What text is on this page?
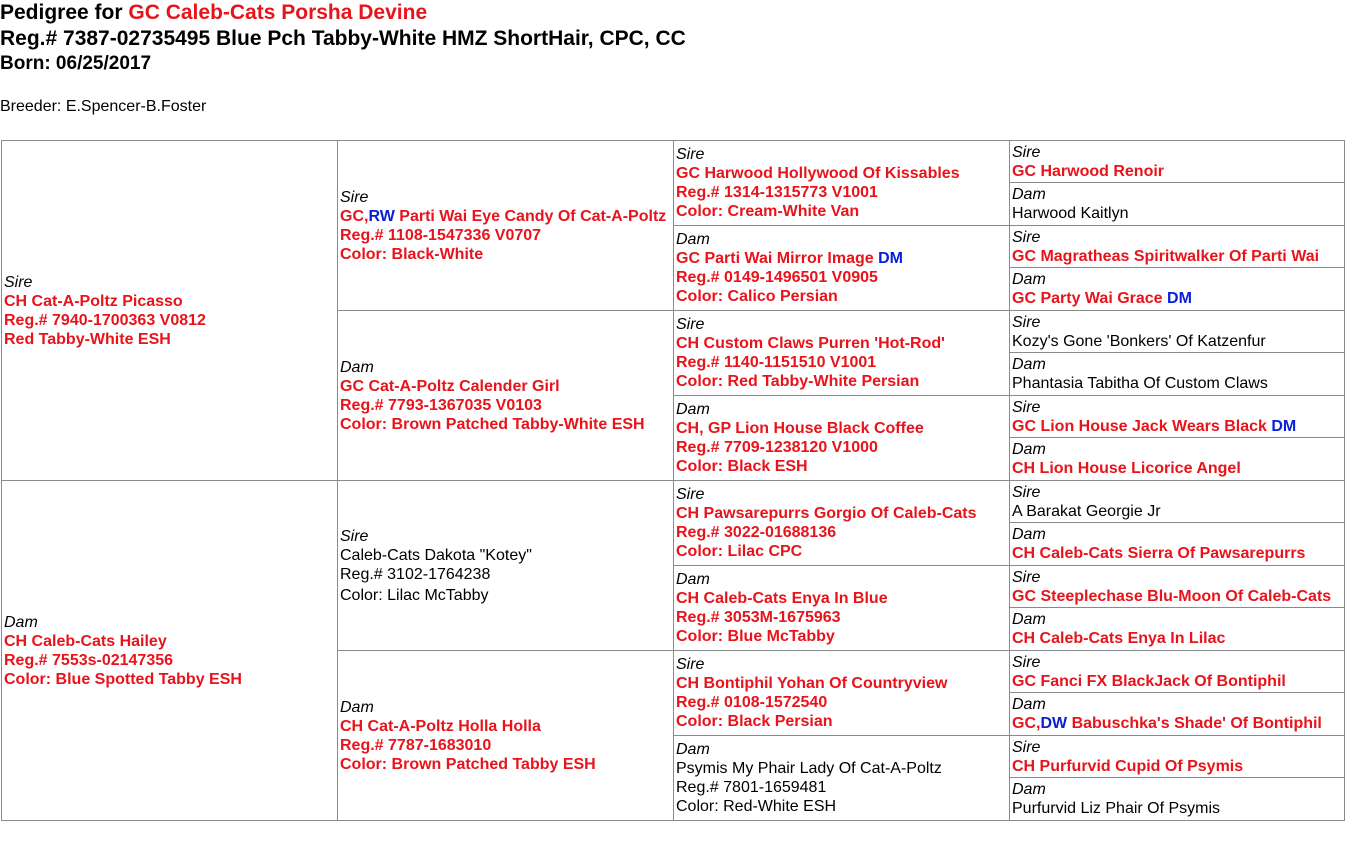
Pedigree for GC Caleb-Cats Porsha Devine
Reg.# 7387-02735495 Blue Pch Tabby-White HMZ ShortHair, CPC, CC
Born: 06/25/2017
Breeder: E.Spencer-B.Foster
Sire
CH Cat-A-Poltz Picasso
Reg.# 7940-1700363 V0812
Red Tabby-White ESH
Dam
CH Caleb-Cats Hailey
Reg.# 7553s-02147356
Color: Blue Spotted Tabby ESH
Sire
GC,RW Parti Wai Eye Candy Of Cat-A-Poltz
Reg.# 1108-1547336 V0707
Color: Black-White
Dam
GC Cat-A-Poltz Calender Girl
Reg.# 7793-1367035 V0103
Color: Brown Patched Tabby-White ESH
Sire
Caleb-Cats Dakota "Kotey"
Reg.# 3102-1764238
Color: Lilac McTabby
Dam
CH Cat-A-Poltz Holla Holla
Reg.# 7787-1683010
Color: Brown Patched Tabby ESH
Sire
GC Harwood Hollywood Of Kissables
Reg.# 1314-1315773 V1001
Color: Cream-White Van
Dam
GC Parti Wai Mirror Image DM
Reg.# 0149-1496501 V0905
Color: Calico Persian
Sire
CH Custom Claws Purren 'Hot-Rod'
Reg.# 1140-1151510 V1001
Color: Red Tabby-White Persian
Dam
CH, GP Lion House Black Coffee
Reg.# 7709-1238120 V1000
Color: Black ESH
Sire
CH Pawsarepurrs Gorgio Of Caleb-Cats
Reg.# 3022-01688136
Color: Lilac CPC
Dam
CH Caleb-Cats Enya In Blue
Reg.# 3053M-1675963
Color: Blue McTabby
Sire
CH Bontiphil Yohan Of Countryview
Reg.# 0108-1572540
Color: Black Persian
Dam
Psymis My Phair Lady Of Cat-A-Poltz
Reg.# 7801-1659481
Color: Red-White ESH
Sire
GC Harwood Renoir
Dam
Harwood Kaitlyn
Sire
GC Magratheas Spiritwalker Of Parti Wai
Dam
GC Party Wai Grace DM
Sire
Kozy's Gone 'Bonkers' Of Katzenfur
Dam
Phantasia Tabitha Of Custom Claws
Sire
GC Lion House Jack Wears Black DM
Dam
CH Lion House Licorice Angel
Sire
A Barakat Georgie Jr
Dam
CH Caleb-Cats Sierra Of Pawsarepurrs
Sire
GC Steeplechase Blu-Moon Of Caleb-Cats
Dam
CH Caleb-Cats Enya In Lilac
Sire
GC Fanci FX BlackJack Of Bontiphil
Dam
GC,DW Babuschka's Shade' Of Bontiphil
Sire
CH Purfurvid Cupid Of Psymis
Dam
Purfurvid Liz Phair Of Psymis
